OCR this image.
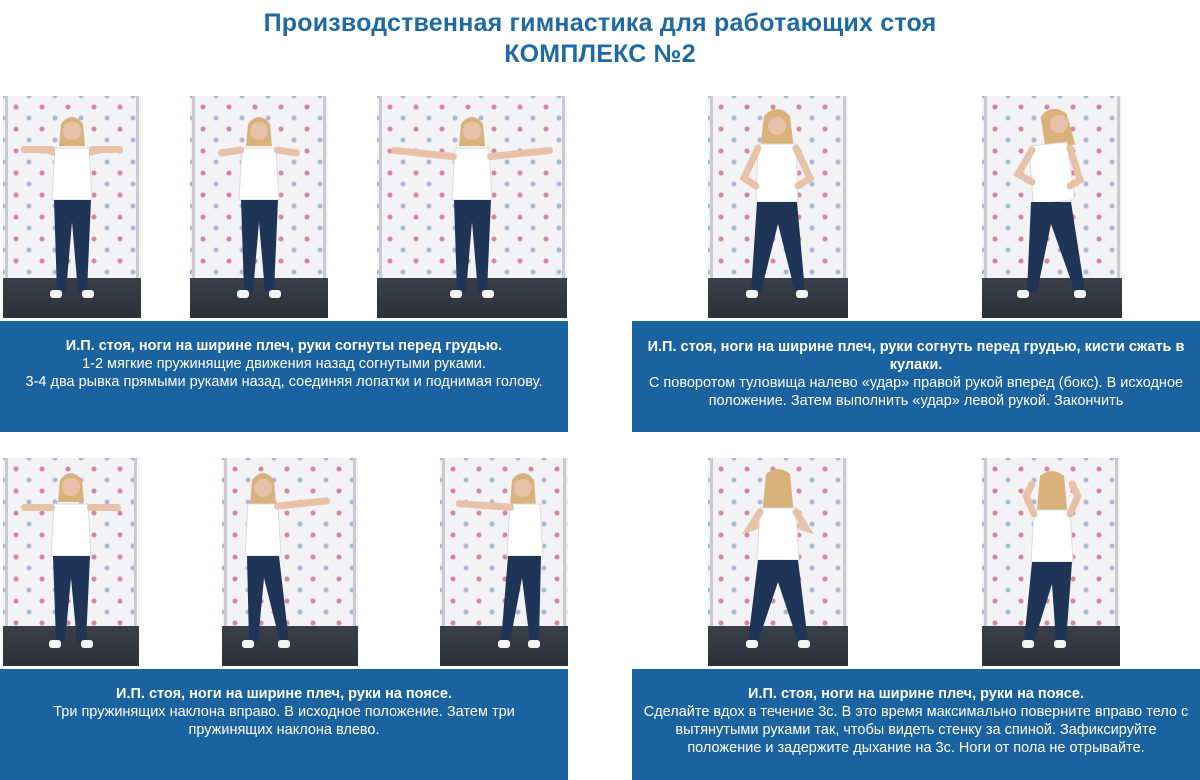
Производственная гимнастика для работающих стоя
КОМПЛЕКС №2
И.П. стоя, ноги на ширине плеч, руки согнуты перед грудью.
1-2 мягкие пружинящие движения назад согнутыми руками.
3-4 два рывка прямыми руками назад, соединяя лопатки и поднимая голову.
И.П. стоя, ноги на ширине плеч, руки согнуть перед грудью, кисти сжать в кулаки.
С поворотом туловища налево «удар» правой рукой вперед (бокс). В исходное положение. Затем выполнить «удар» левой рукой. Закончить
И.П. стоя, ноги на ширине плеч, руки на поясе.
Три пружинящих наклона вправо. В исходное положение. Затем три пружинящих наклона влево.
И.П. стоя, ноги на ширине плеч, руки на поясе.
Сделайте вдох в течение 3с. В это время максимально поверните вправо тело с вытянутыми руками так, чтобы видеть стенку за спиной. Зафиксируйте положение и задержите дыхание на 3с. Ноги от пола не отрывайте.
